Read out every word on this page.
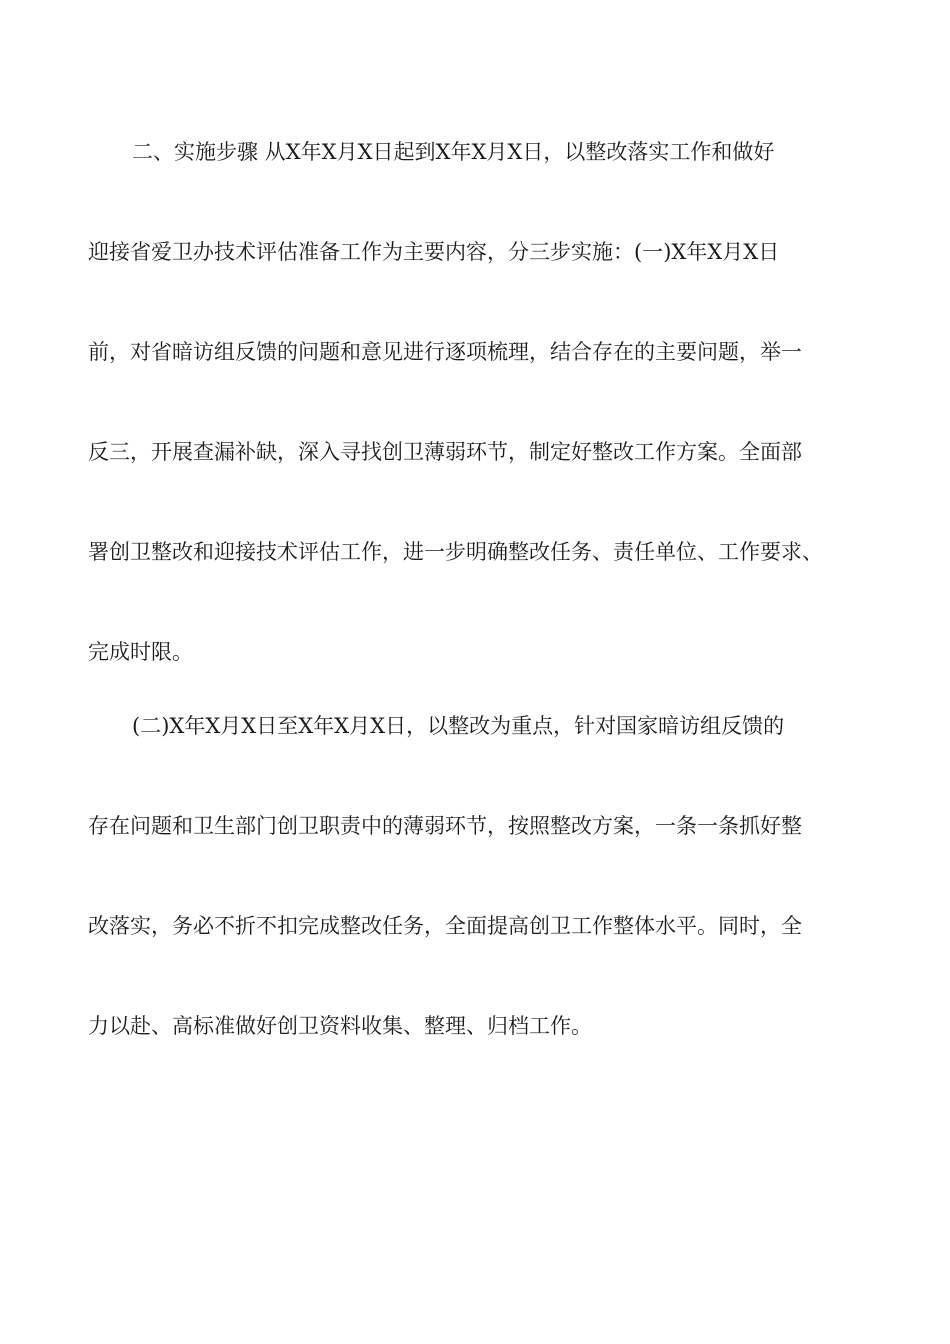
二、实施步骤 从X年X月X日起到X年X月X日，以整改落实工作和做好
迎接省爱卫办技术评估准备工作为主要内容，分三步实施：(一)X年X月X日
前，对省暗访组反馈的问题和意见进行逐项梳理，结合存在的主要问题，举一
反三，开展查漏补缺，深入寻找创卫薄弱环节，制定好整改工作方案。全面部
署创卫整改和迎接技术评估工作，进一步明确整改任务、责任单位、工作要求、
完成时限。
(二)X年X月X日至X年X月X日，以整改为重点，针对国家暗访组反馈的
存在问题和卫生部门创卫职责中的薄弱环节，按照整改方案，一条一条抓好整
改落实，务必不折不扣完成整改任务，全面提高创卫工作整体水平。同时，全
力以赴、高标准做好创卫资料收集、整理、归档工作。
